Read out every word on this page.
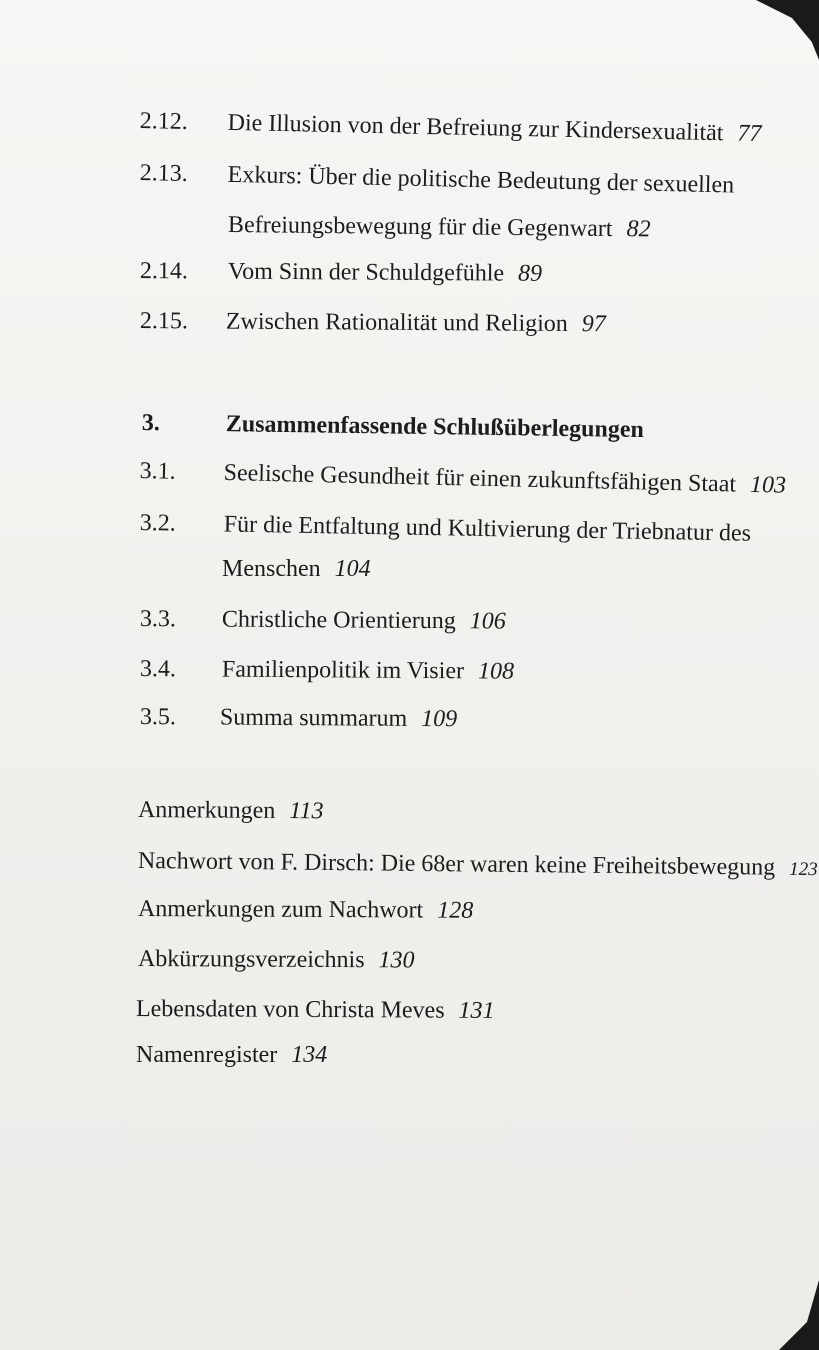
2.12. Die Illusion von der Befreiung zur Kindersexualität 77
2.13. Exkurs: Über die politische Bedeutung der sexuellen
Befreiungsbewegung für die Gegenwart 82
2.14. Vom Sinn der Schuldgefühle 89
2.15. Zwischen Rationalität und Religion 97
3.	Zusammenfassende Schlußüberlegungen
3.1. Seelische Gesundheit für einen zukunftsfähigen Staat 103
3.2. Für die Entfaltung und Kultivierung der Triebnatur des
Menschen 104
3.3. Christliche Orientierung 106
3.4. Familienpolitik im Visier 108
3.5. Summa summarum 109
Anmerkungen 113
Nachwort von F. Dirsch: Die 68er waren keine Freiheitsbewegung 123
Anmerkungen zum Nachwort 128
Abkürzungsverzeichnis 130
Lebensdaten von Christa Meves 131
Namenregister 134
